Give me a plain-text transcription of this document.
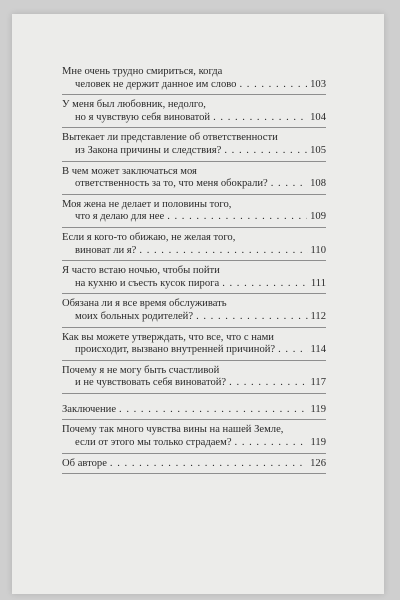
Мне очень трудно смириться, когда
человек не держит данное им слово . . .	103
У меня был любовник, недолго,
но я чувствую себя виноватой . . .	104
Вытекает ли представление об ответственности
из Закона причины и следствия? . . .	105
В чем может заключаться моя
ответственность за то, что меня обокрали? . . .	108
Моя жена не делает и половины того,
что я делаю для нее . . .	109
Если я кого-то обижаю, не желая того,
виноват ли я? . . .	110
Я часто встаю ночью, чтобы пойти
на кухню и съесть кусок пирога . . .	111
Обязана ли я все время обслуживать
моих больных родителей? . . .	112
Как вы можете утверждать, что все, что с нами
происходит, вызвано внутренней причиной? . . .	114
Почему я не могу быть счастливой
и не чувствовать себя виноватой? . . .	117
Заключение . . .	119
Почему так много чувства вины на нашей Земле,
если от этого мы только страдаем? . . .	119
Об авторе . . .	126
